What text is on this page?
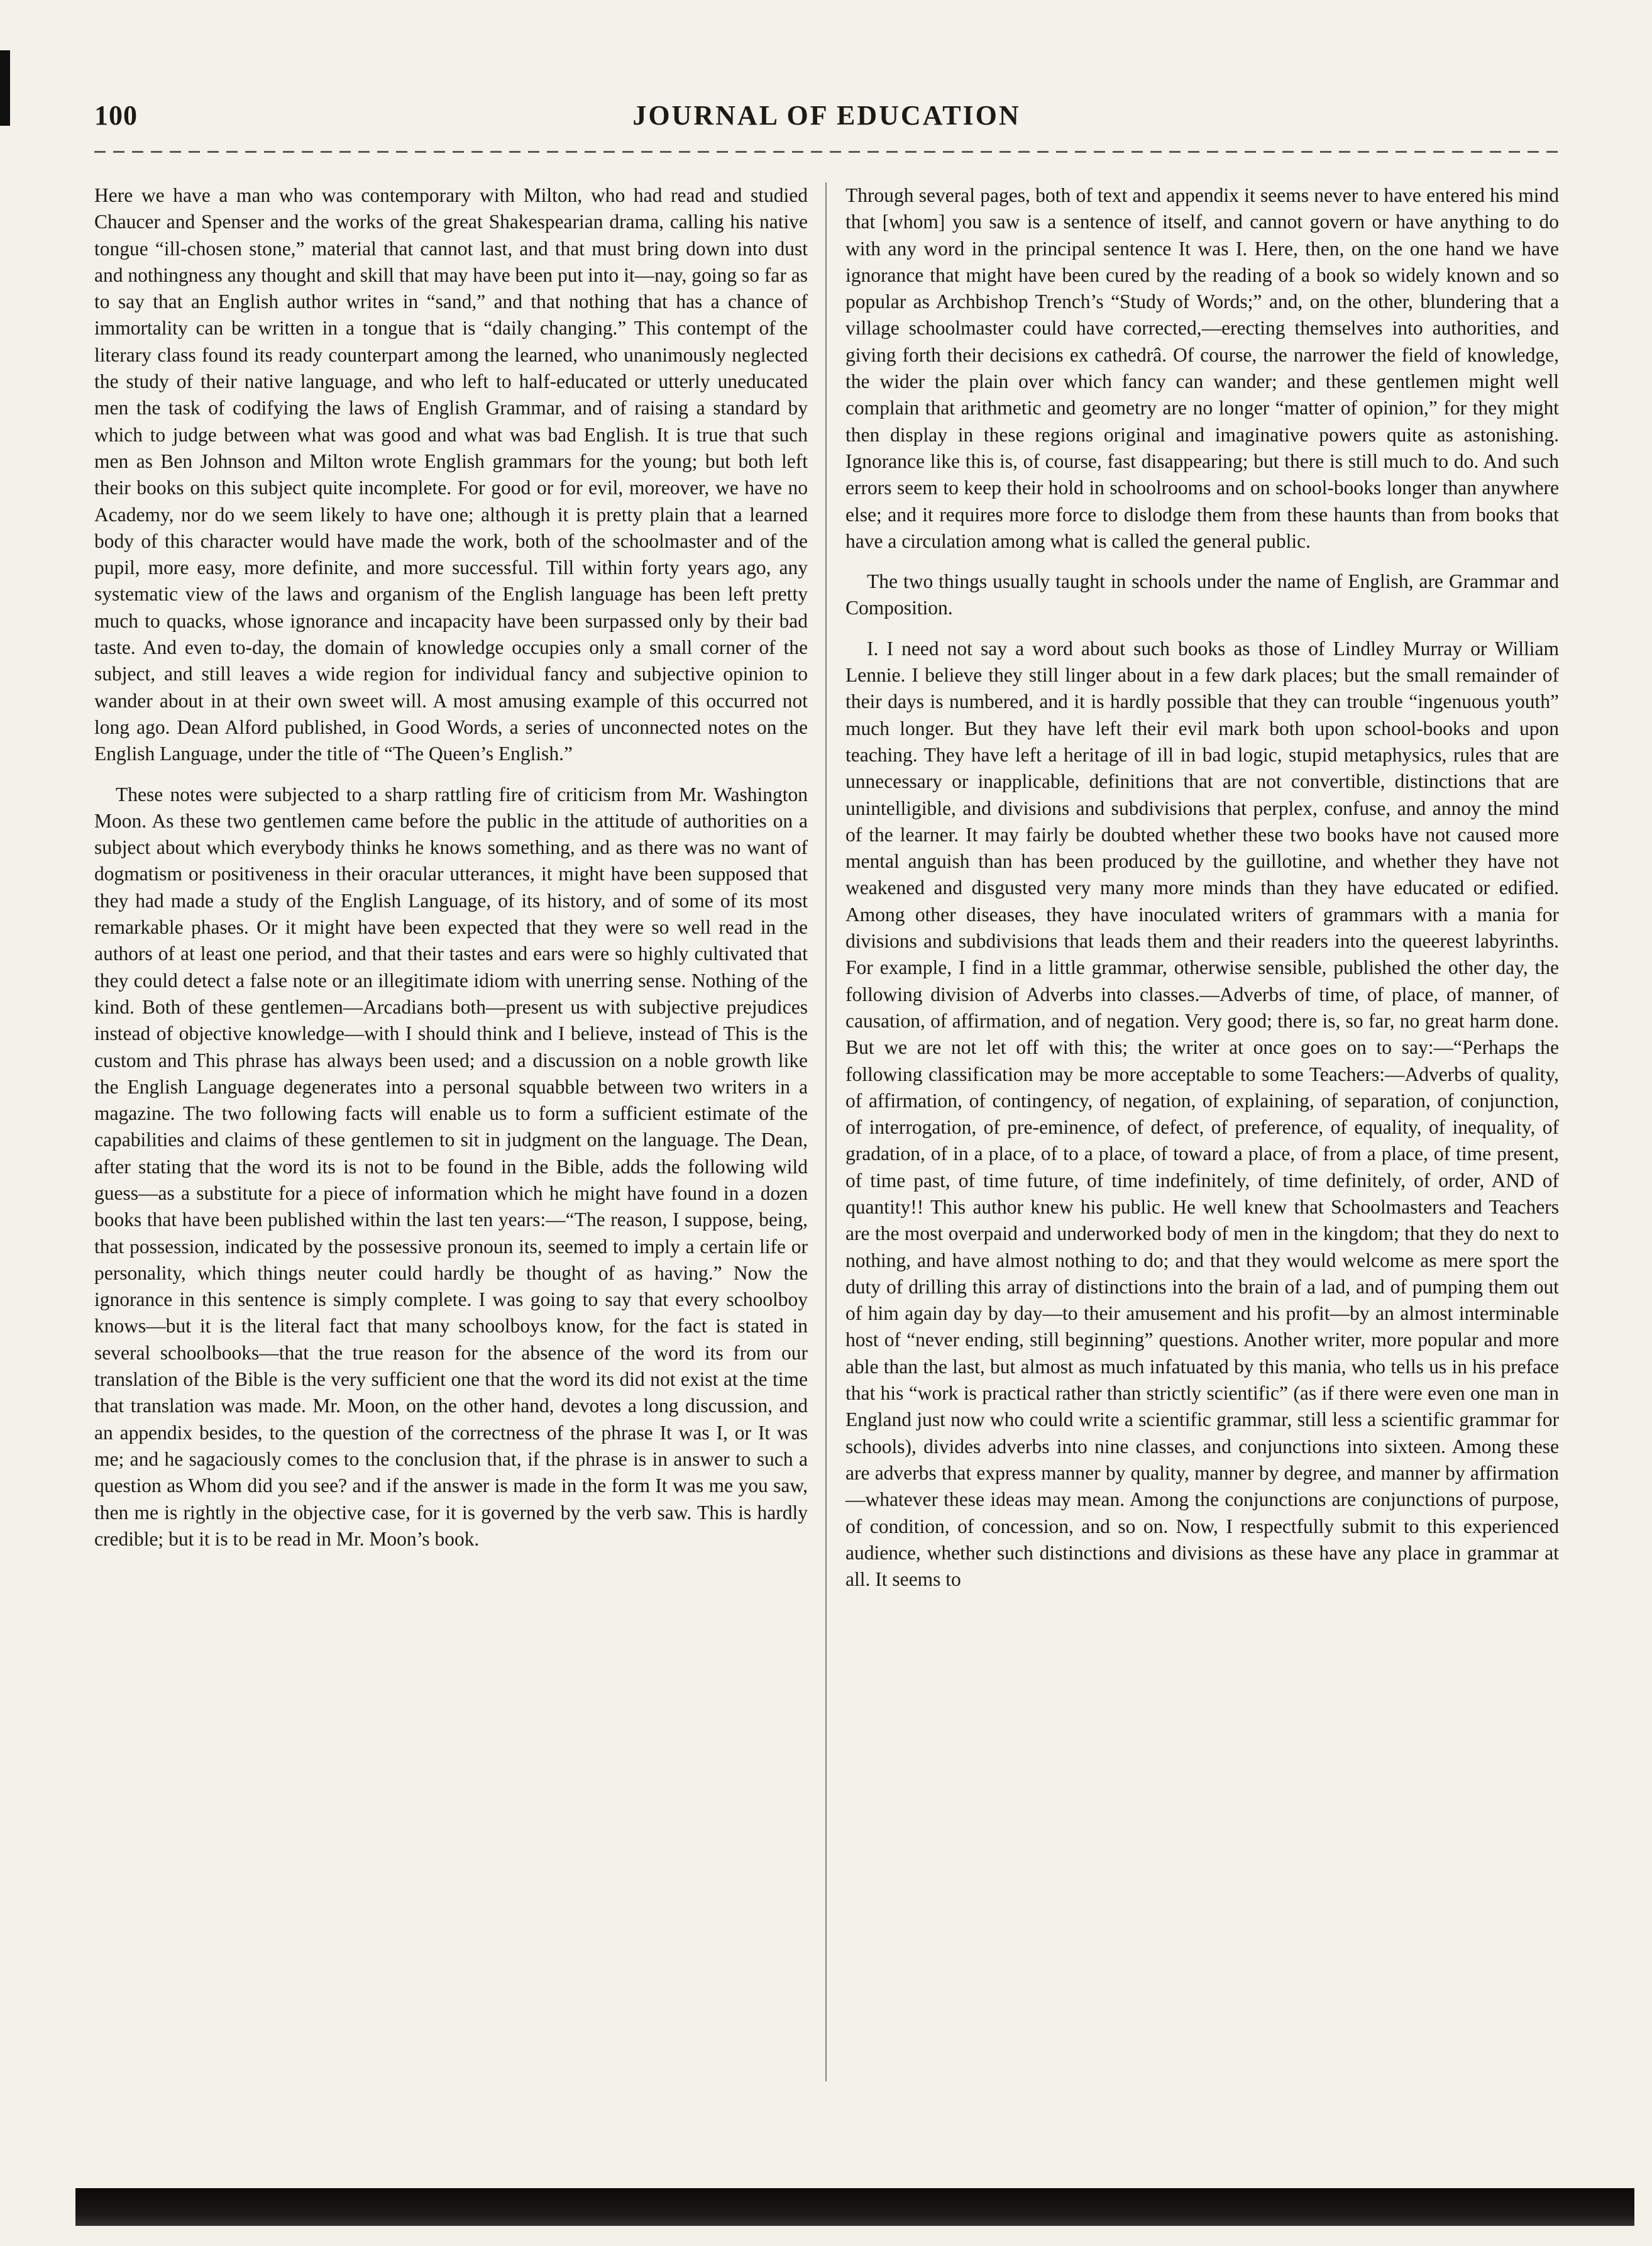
100	JOURNAL OF EDUCATION

Here we have a man who was contemporary with Milton, who had read and studied Chaucer and Spenser and the works of the great Shakespearian drama, calling his native tongue “ill-chosen stone,” material that cannot last, and that must bring down into dust and nothingness any thought and skill that may have been put into it—nay, going so far as to say that an English author writes in “sand,” and that nothing that has a chance of immortality can be written in a tongue that is “daily changing.” This contempt of the literary class found its ready counterpart among the learned, who unanimously neglected the study of their native language, and who left to half-educated or utterly uneducated men the task of codifying the laws of English Grammar, and of raising a standard by which to judge between what was good and what was bad English. It is true that such men as Ben Johnson and Milton wrote English grammars for the young; but both left their books on this subject quite incomplete. For good or for evil, moreover, we have no Academy, nor do we seem likely to have one; although it is pretty plain that a learned body of this character would have made the work, both of the schoolmaster and of the pupil, more easy, more definite, and more successful. Till within forty years ago, any systematic view of the laws and organism of the English language has been left pretty much to quacks, whose ignorance and incapacity have been surpassed only by their bad taste. And even to-day, the domain of knowledge occupies only a small corner of the subject, and still leaves a wide region for individual fancy and subjective opinion to wander about in at their own sweet will. A most amusing example of this occurred not long ago. Dean Alford published, in Good Words, a series of unconnected notes on the English Language, under the title of “The Queen’s English.”

These notes were subjected to a sharp rattling fire of criticism from Mr. Washington Moon. As these two gentlemen came before the public in the attitude of authorities on a subject about which everybody thinks he knows something, and as there was no want of dogmatism or positiveness in their oracular utterances, it might have been supposed that they had made a study of the English Language, of its history, and of some of its most remarkable phases. Or it might have been expected that they were so well read in the authors of at least one period, and that their tastes and ears were so highly cultivated that they could detect a false note or an illegitimate idiom with unerring sense. Nothing of the kind. Both of these gentlemen—Arcadians both—present us with subjective prejudices instead of objective knowledge—with I should think and I believe, instead of This is the custom and This phrase has always been used; and a discussion on a noble growth like the English Language degenerates into a personal squabble between two writers in a magazine. The two following facts will enable us to form a sufficient estimate of the capabilities and claims of these gentlemen to sit in judgment on the language. The Dean, after stating that the word its is not to be found in the Bible, adds the following wild guess—as a substitute for a piece of information which he might have found in a dozen books that have been published within the last ten years:—“The reason, I suppose, being, that possession, indicated by the possessive pronoun its, seemed to imply a certain life or personality, which things neuter could hardly be thought of as having.” Now the ignorance in this sentence is simply complete. I was going to say that every schoolboy knows—but it is the literal fact that many schoolboys know, for the fact is stated in several schoolbooks—that the true reason for the absence of the word its from our translation of the Bible is the very sufficient one that the word its did not exist at the time that translation was made. Mr. Moon, on the other hand, devotes a long discussion, and an appendix besides, to the question of the correctness of the phrase It was I, or It was me; and he sagaciously comes to the conclusion that, if the phrase is in answer to such a question as Whom did you see? and if the answer is made in the form It was me you saw, then me is rightly in the objective case, for it is governed by the verb saw. This is hardly credible; but it is to be read in Mr. Moon’s book.

Through several pages, both of text and appendix it seems never to have entered his mind that [whom] you saw is a sentence of itself, and cannot govern or have anything to do with any word in the principal sentence It was I. Here, then, on the one hand we have ignorance that might have been cured by the reading of a book so widely known and so popular as Archbishop Trench’s “Study of Words;” and, on the other, blundering that a village schoolmaster could have corrected,—erecting themselves into authorities, and giving forth their decisions ex cathedrâ. Of course, the narrower the field of knowledge, the wider the plain over which fancy can wander; and these gentlemen might well complain that arithmetic and geometry are no longer “matter of opinion,” for they might then display in these regions original and imaginative powers quite as astonishing. Ignorance like this is, of course, fast disappearing; but there is still much to do. And such errors seem to keep their hold in schoolrooms and on school-books longer than anywhere else; and it requires more force to dislodge them from these haunts than from books that have a circulation among what is called the general public.

The two things usually taught in schools under the name of English, are Grammar and Composition.

I. I need not say a word about such books as those of Lindley Murray or William Lennie. I believe they still linger about in a few dark places; but the small remainder of their days is numbered, and it is hardly possible that they can trouble “ingenuous youth” much longer. But they have left their evil mark both upon school-books and upon teaching. They have left a heritage of ill in bad logic, stupid metaphysics, rules that are unnecessary or inapplicable, definitions that are not convertible, distinctions that are unintelligible, and divisions and subdivisions that perplex, confuse, and annoy the mind of the learner. It may fairly be doubted whether these two books have not caused more mental anguish than has been produced by the guillotine, and whether they have not weakened and disgusted very many more minds than they have educated or edified. Among other diseases, they have inoculated writers of grammars with a mania for divisions and subdivisions that leads them and their readers into the queerest labyrinths. For example, I find in a little grammar, otherwise sensible, published the other day, the following division of Adverbs into classes.—Adverbs of time, of place, of manner, of causation, of affirmation, and of negation. Very good; there is, so far, no great harm done. But we are not let off with this; the writer at once goes on to say:—“Perhaps the following classification may be more acceptable to some Teachers:—Adverbs of quality, of affirmation, of contingency, of negation, of explaining, of separation, of conjunction, of interrogation, of pre-eminence, of defect, of preference, of equality, of inequality, of gradation, of in a place, of to a place, of toward a place, of from a place, of time present, of time past, of time future, of time indefinitely, of time definitely, of order, AND of quantity!! This author knew his public. He well knew that Schoolmasters and Teachers are the most overpaid and underworked body of men in the kingdom; that they do next to nothing, and have almost nothing to do; and that they would welcome as mere sport the duty of drilling this array of distinctions into the brain of a lad, and of pumping them out of him again day by day—to their amusement and his profit—by an almost interminable host of “never ending, still beginning” questions. Another writer, more popular and more able than the last, but almost as much infatuated by this mania, who tells us in his preface that his “work is practical rather than strictly scientific” (as if there were even one man in England just now who could write a scientific grammar, still less a scientific grammar for schools), divides adverbs into nine classes, and conjunctions into sixteen. Among these are adverbs that express manner by quality, manner by degree, and manner by affirmation—whatever these ideas may mean. Among the conjunctions are conjunctions of purpose, of condition, of concession, and so on. Now, I respectfully submit to this experienced audience, whether such distinctions and divisions as these have any place in grammar at all. It seems to
